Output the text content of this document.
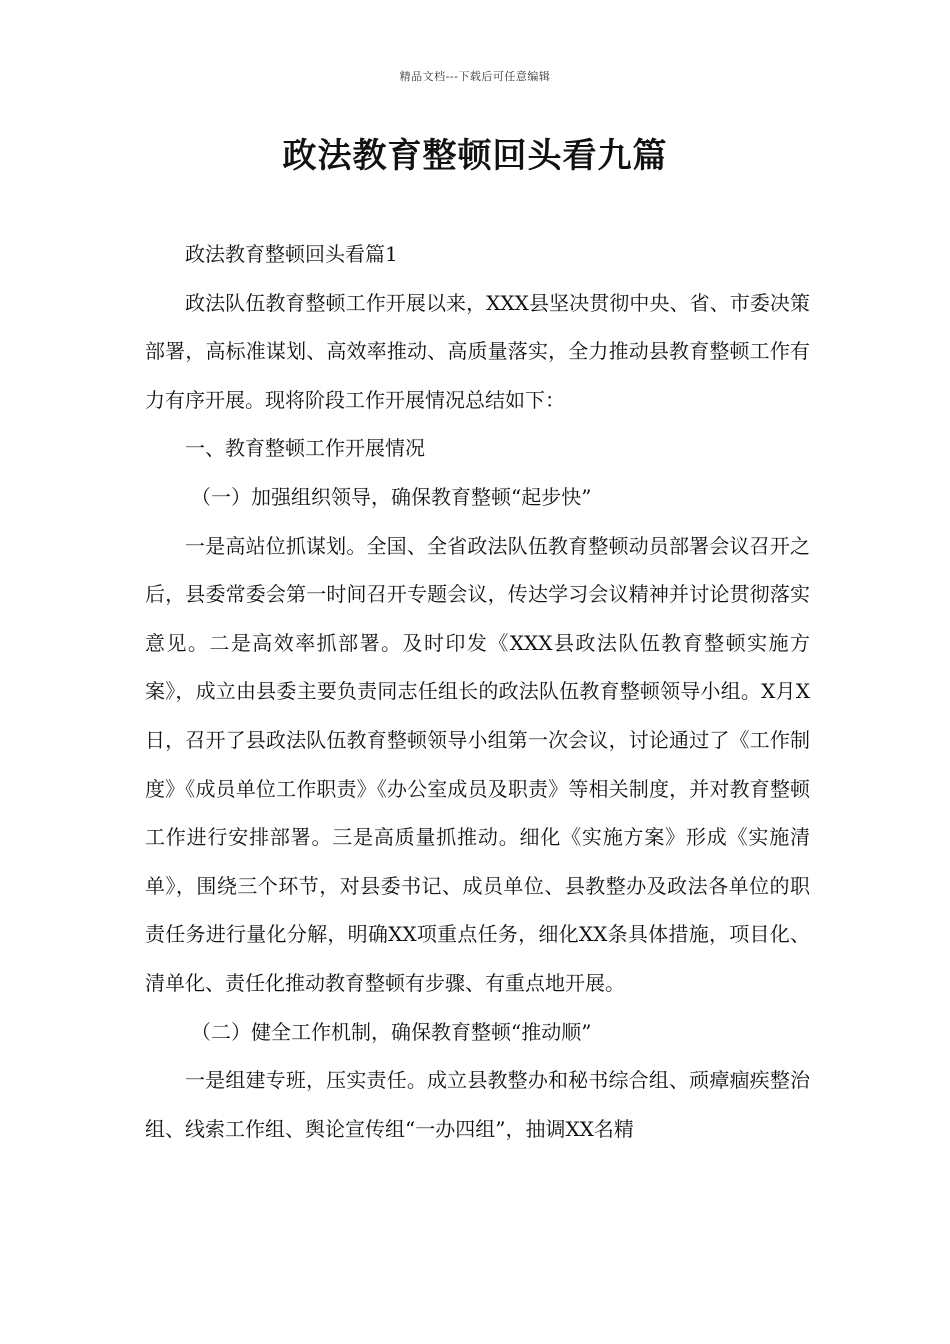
精品文档---下载后可任意编辑
政法教育整顿回头看九篇

政法教育整顿回头看篇1

政法队伍教育整顿工作开展以来，XXX县坚决贯彻中央、省、市委决策部署，高标准谋划、高效率推动、高质量落实，全力推动县教育整顿工作有力有序开展。现将阶段工作开展情况总结如下：

一、教育整顿工作开展情况

（一）加强组织领导，确保教育整顿“起步快”

一是高站位抓谋划。全国、全省政法队伍教育整顿动员部署会议召开之后，县委常委会第一时间召开专题会议，传达学习会议精神并讨论贯彻落实意见。二是高效率抓部署。及时印发《XXX县政法队伍教育整顿实施方案》，成立由县委主要负责同志任组长的政法队伍教育整顿领导小组。X月X日，召开了县政法队伍教育整顿领导小组第一次会议，讨论通过了《工作制度》《成员单位工作职责》《办公室成员及职责》等相关制度，并对教育整顿工作进行安排部署。三是高质量抓推动。细化《实施方案》形成《实施清单》，围绕三个环节，对县委书记、成员单位、县教整办及政法各单位的职责任务进行量化分解，明确XX项重点任务，细化XX条具体措施，项目化、清单化、责任化推动教育整顿有步骤、有重点地开展。

（二）健全工作机制，确保教育整顿“推动顺”

一是组建专班，压实责任。成立县教整办和秘书综合组、顽瘴痼疾整治组、线索工作组、舆论宣传组“一办四组”，抽调XX名精
